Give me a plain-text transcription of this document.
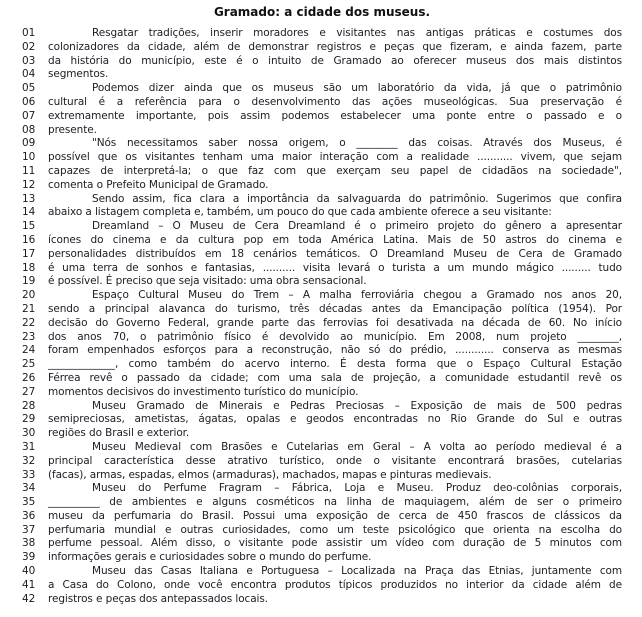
Gramado: a cidade dos museus.
01	Resgatar tradições, inserir moradores e visitantes nas antigas práticas e costumes dos
02 colonizadores da cidade, além de demonstrar registros e peças que fizeram, e ainda fazem, parte
03 da história do município, este é o intuito de Gramado ao oferecer museus dos mais distintos
04 segmentos.
05	Podemos dizer ainda que os museus são um laboratório da vida, já que o patrimônio
06 cultural é a referência para o desenvolvimento das ações museológicas. Sua preservação é
07 extremamente importante, pois assim podemos estabelecer uma ponte entre o passado e o
08 presente.
09	"Nós necessitamos saber nossa origem, o ________ das coisas. Através dos Museus, é
10 possível que os visitantes tenham uma maior interação com a realidade ........... vivem, que sejam
11 capazes de interpretá-la; o que faz com que exerçam seu papel de cidadãos na sociedade",
12 comenta o Prefeito Municipal de Gramado.
13	Sendo assim, fica clara a importância da salvaguarda do patrimônio. Sugerimos que confira
14 abaixo a listagem completa e, também, um pouco do que cada ambiente oferece a seu visitante:
15	Dreamland – O Museu de Cera Dreamland é o primeiro projeto do gênero a apresentar
16 ícones do cinema e da cultura pop em toda América Latina. Mais de 50 astros do cinema e
17 personalidades distribuídos em 18 cenários temáticos. O Dreamland Museu de Cera de Gramado
18 é uma terra de sonhos e fantasias, .......... visita levará o turista a um mundo mágico ......... tudo
19 é possível. É preciso que seja visitado: uma obra sensacional.
20	Espaço Cultural Museu do Trem – A malha ferroviária chegou a Gramado nos anos 20,
21 sendo a principal alavanca do turismo, três décadas antes da Emancipação política (1954). Por
22 decisão do Governo Federal, grande parte das ferrovias foi desativada na década de 60. No início
23 dos anos 70, o patrimônio físico é devolvido ao município. Em 2008, num projeto ________,
24 foram empenhados esforços para a reconstrução, não só do prédio, ............ conserva as mesmas
25 _____________, como também do acervo interno. É desta forma que o Espaço Cultural Estação
26 Férrea revê o passado da cidade; com uma sala de projeção, a comunidade estudantil revê os
27 momentos decisivos do investimento turístico do município.
28	Museu Gramado de Minerais e Pedras Preciosas – Exposição de mais de 500 pedras
29 semipreciosas, ametistas, ágatas, opalas e geodos encontradas no Rio Grande do Sul e outras
30 regiões do Brasil e exterior.
31	Museu Medieval com Brasões e Cutelarias em Geral – A volta ao período medieval é a
32 principal característica desse atrativo turístico, onde o visitante encontrará brasões, cutelarias
33 (facas), armas, espadas, elmos (armaduras), machados, mapas e pinturas medievais.
34	Museu do Perfume Fragram – Fábrica, Loja e Museu. Produz deo-colônias corporais,
35 __________ de ambientes e alguns cosméticos na linha de maquiagem, além de ser o primeiro
36 museu da perfumaria do Brasil. Possui uma exposição de cerca de 450 frascos de clássicos da
37 perfumaria mundial e outras curiosidades, como um teste psicológico que orienta na escolha do
38 perfume pessoal. Além disso, o visitante pode assistir um vídeo com duração de 5 minutos com
39 informações gerais e curiosidades sobre o mundo do perfume.
40	Museu das Casas Italiana e Portuguesa – Localizada na Praça das Etnias, juntamente com
41 a Casa do Colono, onde você encontra produtos típicos produzidos no interior da cidade além de
42 registros e peças dos antepassados locais.
